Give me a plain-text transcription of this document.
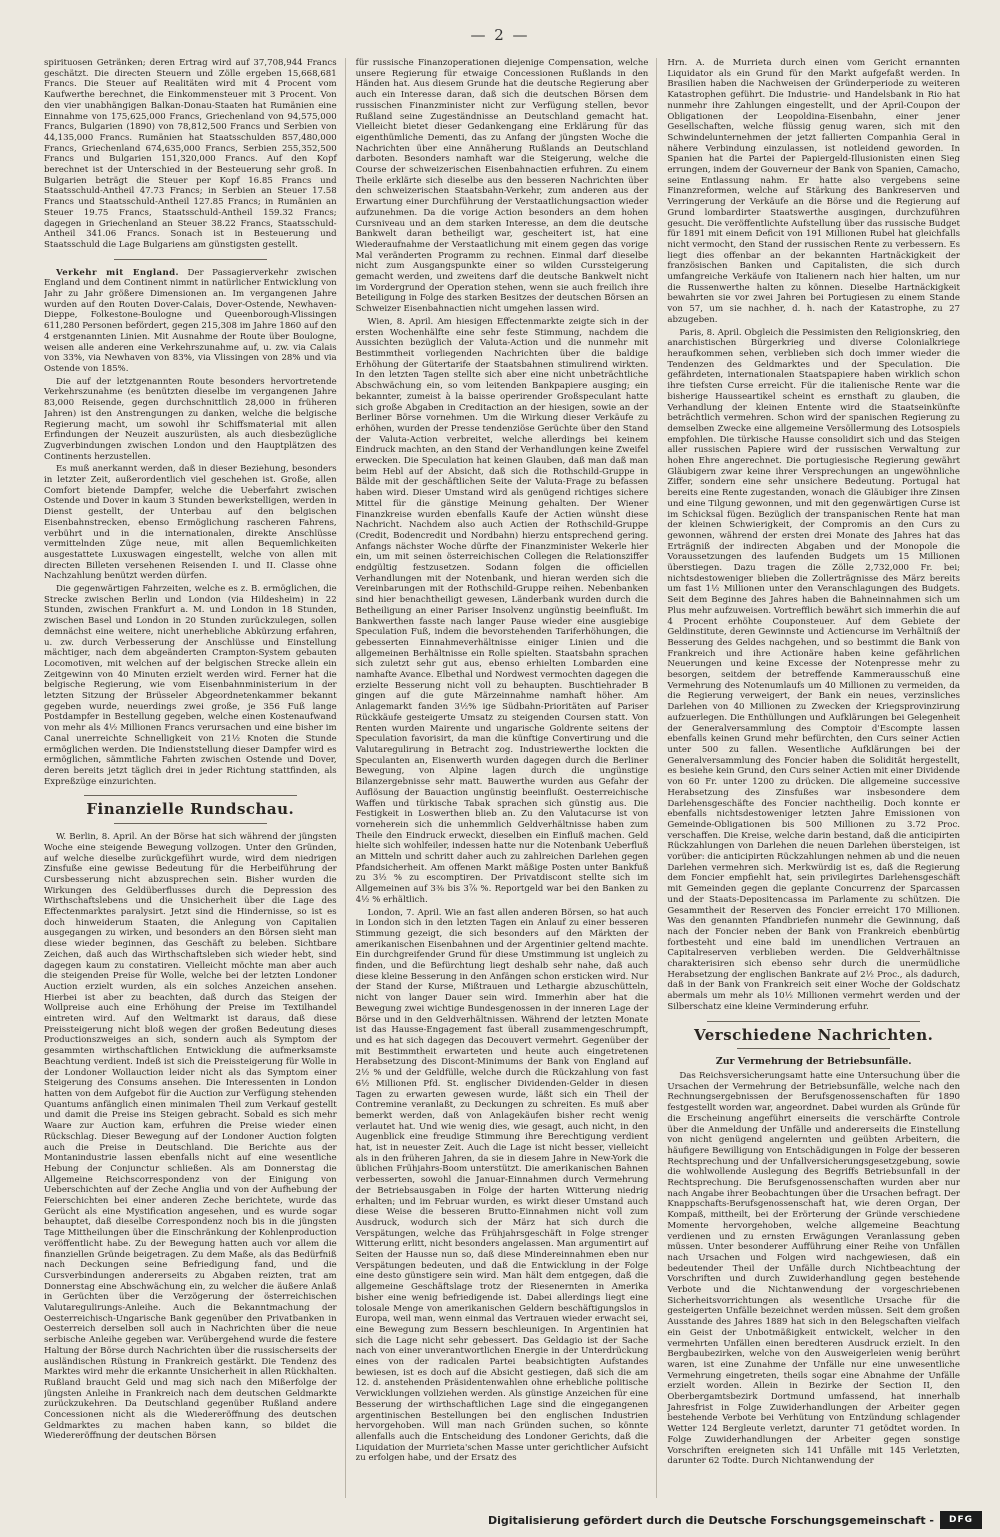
— 2 —

spirituosen Getränken; deren Ertrag wird auf 37,708,944 Francs geschätzt. Die directen Steuern und Zölle ergeben 15,668,681 Francs. Die Steuer auf Realitäten wird mit 4 Procent vom Kaufwerthe berechnet, die Einkommensteuer mit 3 Procent. Von den vier unabhängigen Balkan-Donau-Staaten hat Rumänien eine Einnahme von 175,625,000 Francs, Griechenland von 94,575,000 Francs, Bulgarien (1890) von 78,812,500 Francs und Serbien von 44,135,000 Francs. Rumänien hat Staatsschulden 857,480,000 Francs, Griechenland 674,635,000 Francs, Serbien 255,352,500 Francs und Bulgarien 151,320,000 Francs. Auf den Kopf berechnet ist der Unterschied in der Besteuerung sehr groß. In Bulgarien beträgt die Steuer per Kopf 16.85 Francs und Staatsschuld-Antheil 47.73 Francs; in Serbien an Steuer 17.58 Francs und Staatsschuld-Antheil 127.85 Francs; in Rumänien an Steuer 19.75 Francs, Staatsschuld-Antheil 159.32 Francs; dagegen in Griechenland an Steuer 38.22 Francs, Staatsschuld-Antheil 341.06 Francs. Sonach ist in Besteuerung und Staatsschuld die Lage Bulgariens am günstigsten gestellt.

Verkehr mit England. Der Passagierverkehr zwischen England und dem Continent nimmt in natürlicher Entwicklung von Jahr zu Jahr größere Dimensionen an. Im vergangenen Jahre wurden auf den Routen Dover-Calais, Dover-Ostende, Newhaven-Dieppe, Folkestone-Boulogne und Queenborough-Vlissingen 611,280 Personen befördert, gegen 215,308 im Jahre 1860 auf den 4 erstgenannten Linien. Mit Ausnahme der Route über Boulogne, weisen alle anderen eine Verkehrszunahme auf, u. zw. via Calais von 33%, via Newhaven von 83%, via Vlissingen von 28% und via Ostende von 185%.

Die auf der letztgenannten Route besonders hervortretende Verkehrszunahme (es benützten dieselbe im vergangenen Jahre 83,000 Reisende, gegen durchschnittlich 28,000 in früheren Jahren) ist den Anstrengungen zu danken, welche die belgische Regierung macht, um sowohl ihr Schiffsmaterial mit allen Erfindungen der Neuzeit auszurüsten, als auch diesbezügliche Zugverbindungen zwischen London und den Hauptplätzen des Continents herzustellen.

Es muß anerkannt werden, daß in dieser Beziehung, besonders in letzter Zeit, außerordentlich viel geschehen ist. Große, allen Comfort bietende Dampfer, welche die Ueberfahrt zwischen Ostende und Dover in kaum 3 Stunden bewerkstelligen, werden in Dienst gestellt, der Unterbau auf den belgischen Eisenbahnstrecken, ebenso Ermöglichung rascheren Fahrens, verbührt und in die internationalen, direkte Anschlüsse vermittelnden Züge neue, mit allen Bequemlichkeiten ausgestattete Luxuswagen eingestellt, welche von allen mit directen Billeten versehenen Reisenden I. und II. Classe ohne Nachzahlung benützt werden dürfen.

Die gegenwärtigen Fahrzeiten, welche es z. B. ermöglichen, die Strecke zwischen Berlin und London (via Hildesheim) in 22 Stunden, zwischen Frankfurt a. M. und London in 18 Stunden, zwischen Basel und London in 20 Stunden zurückzulegen, sollen demnächst eine weitere, nicht unerhebliche Abkürzung erfahren, u. zw. durch Verbesserung der Anschlüsse und Einstellung mächtiger, nach dem abgeänderten Crampton-System gebauten Locomotiven, mit welchen auf der belgischen Strecke allein ein Zeitgewinn von 40 Minuten erzielt werden wird. Ferner hat die belgische Regierung, wie vom Eisenbahnministerium in der letzten Sitzung der Brüsseler Abgeordnetenkammer bekannt gegeben wurde, neuerdings zwei große, je 356 Fuß lange Postdampfer in Bestellung gegeben, welche einen Kostenaufwand von mehr als 4½ Millionen Francs verursachen und eine bisher im Canal unerreichte Schnelligkeit von 21½ Knoten die Stunde ermöglichen werden. Die Indienststellung dieser Dampfer wird es ermöglichen, sämmtliche Fahrten zwischen Ostende und Dover, deren bereits jetzt täglich drei in jeder Richtung stattfinden, als Expreßzüge einzurichten.

Finanzielle Rundschau.

W. Berlin, 8. April. An der Börse hat sich während der jüngsten Woche eine steigende Bewegung vollzogen. Unter den Gründen, auf welche dieselbe zurückgeführt wurde, wird dem niedrigen Zinsfuße eine gewisse Bedeutung für die Herbeiführung der Cursbesserung nicht abzusprechen sein. Bisher wurden die Wirkungen des Geldüberflusses durch die Depression des Wirthschaftslebens und die Unsicherheit über die Lage des Effectenmarktes paralysirt. Jetzt sind die Hindernisse, so ist es doch hinweiderum Staaten, die Anlegung von Capitalien ausgegangen zu wirken, und besonders an den Börsen sieht man diese wieder beginnen, das Geschäft zu beleben. Sichtbare Zeichen, daß auch das Wirthschaftsleben sich wieder hebt, sind dagegen kaum zu constatiren. Vielleicht möchte man aber auch die steigenden Preise für Wolle, welche bei der letzten Londoner Auction erzielt wurden, als ein solches Anzeichen ansehen. Hierbei ist aber zu beachten, daß durch das Steigen der Wollpreise auch eine Erhöhung der Preise im Textilhandel eintreten wird. Auf den Weltmarkt ist daraus, daß diese Preissteigerung nicht bloß wegen der großen Bedeutung dieses Productionszweiges an sich, sondern auch als Symptom der gesammten wirthschaftlichen Entwicklung die aufmerksamste Beachtung verdient. Indeß ist sich die Preissteigerung für Wolle in der Londoner Wollauction leider nicht als das Symptom einer Steigerung des Consums ansehen. Die Interessenten in London hatten von dem Aufgebot für die Auction zur Verfügung stehenden Quantums anfänglich einen minimalen Theil zum Verkauf gestellt und damit die Preise ins Steigen gebracht. Sobald es sich mehr Waare zur Auction kam, erfuhren die Preise wieder einen Rückschlag. Dieser Bewegung auf der Londoner Auction folgten auch die Preise in Deutschland. Die Berichte aus der Montanindustrie lassen ebenfalls nicht auf eine wesentliche Hebung der Conjunctur schließen. Als am Donnerstag die Allgemeine Reichscorrespondenz von der Einigung von Ueberschichten auf der Zeche Anglia und von der Aufhebung der Feierschichten bei einer anderen Zeche berichtete, wurde das Gerücht als eine Mystification angesehen, und es wurde sogar behauptet, daß dieselbe Correspondenz noch bis in die jüngsten Tage Mittheilungen über die Einschränkung der Kohlenproduction veröffentlicht habe. Zu der Bewegung hatten auch vor allem die finanziellen Gründe beigetragen. Zu dem Maße, als das Bedürfniß nach Deckungen seine Befriedigung fand, und die Cursverbindungen andererseits zu Abgaben reizten, trat am Donnerstag eine Abschwächung ein, zu welcher die äußere Anlaß in Gerüchten über die Verzögerung der österreichischen Valutaregulirungs-Anleihe. Auch die Bekanntmachung der Oesterreichisch-Ungarische Bank gegenüber den Privatbanken in Oesterreich derselben soll auch in Nachrichten über die neue serbische Anleihe gegeben war. Verübergehend wurde die festere Haltung der Börse durch Nachrichten über die russischerseits der ausländischen Rüstung in Frankreich gestärkt. Die Tendenz des Marktes wird mehr die erkannte Unsicherheit in allen Rückhalten. Rußland braucht Geld und mag sich nach den Mißerfolge der jüngsten Anleihe in Frankreich nach dem deutschen Geldmarkte zurückzukehren. Da Deutschland gegenüber Rußland andere Concessionen nicht als die Wiedereröffnung des deutschen Geldmarktes zu machen haben kann, so bildet die Wiedereröffnung der deutschen Börsen

für russische Finanzoperationen diejenige Compensation, welche unsere Regierung für etwaige Concessionen Rußlands in den Händen hat. Aus diesem Grunde hat die deutsche Regierung aber auch ein Interesse daran, daß sich die deutschen Börsen dem russischen Finanzminister nicht zur Verfügung stellen, bevor Rußland seine Zugeständnisse an Deutschland gemacht hat. Vielleicht bietet dieser Gedankengang eine Erklärung für das eigenthümliche Dementi, das zu Anfang der jüngsten Woche die Nachrichten über eine Annäherung Rußlands an Deutschland darboten. Besonders namhaft war die Steigerung, welche die Course der schweizerischen Eisenbahnactien erfuhren. Zu einem Theile erklärte sich dieselbe aus den besseren Nachrichten über den schweizerischen Staatsbahn-Verkehr, zum anderen aus der Erwartung einer Durchführung der Verstaatlichungsaction wieder aufzunehmen. Da die vorige Action besonders an dem hohen Cursniveau und an dem starken Interesse, an dem die deutsche Bankwelt daran betheiligt war, gescheitert ist, hat eine Wiederaufnahme der Verstaatlichung mit einem gegen das vorige Mal veränderten Programm zu rechnen. Einmal darf dieselbe nicht zum Ausgangspunkte einer so wilden Curssteigerung gemacht werden, und zweitens darf die deutsche Bankwelt nicht im Vordergrund der Operation stehen, wenn sie auch freilich ihre Beteiligung in Folge des starken Besitzes der deutschen Börsen an Schweizer Eisenbahnactien nicht umgehen lassen wird.

Wien, 8. April. Am hiesigen Effectenmarkte zeigte sich in der ersten Wochenhälfte eine sehr feste Stimmung, nachdem die Aussichten bezüglich der Valuta-Action und die nunmehr mit Bestimmtheit vorliegenden Nachrichten über die baldige Erhöhung der Gütertarife der Staatsbahnen stimulirend wirkten. In den letzten Tagen stellte sich aber eine nicht unbeträchtliche Abschwächung ein, so vom leitenden Bankpapiere ausging; ein bekannter, zumeist à la baisse operirender Großspeculant hatte sich große Abgaben in Creditaction an der hiesigen, sowie an der Berliner Börse vornehmen. Um die Wirkung dieser Verkäufe zu erhöhen, wurden der Presse tendenziöse Gerüchte über den Stand der Valuta-Action verbreitet, welche allerdings bei keinem Eindruck machten, an den Stand der Verhandlungen keine Zweifel erwecken. Die Speculation hat keinen Glauben, daß man daß man beim Hebl auf der Absicht, daß sich die Rothschild-Gruppe in Bälde mit der geschäftlichen Seite der Valuta-Frage zu befassen haben wird. Dieser Umstand wird als genügend richtiges sichere Mittel für die gänstige Meinung gehalten. Der Wiener Finanzkreise wurden ebenfalls Kaufe der Actien wünsht diese Nachricht. Nachdem also auch Actien der Rothschild-Gruppe (Credit, Bodencredit und Nordbahn) hierzu entsprechend gering. Anfangs nächster Woche dürfte der Finanzminister Wekerle hier ein, um mit seinen österreichischen Collegen die Relationsziffer endgültig festzusetzen. Sodann folgen die officiellen Verhandlungen mit der Notenbank, und hieran werden sich die Vereinbarungen mit der Rothschild-Gruppe reihen. Nebenbanken sind hier benachtheiligt gewesen, Länderbank wurden durch die Betheiligung an einer Pariser Insolvenz ungünstig beeinflußt. Im Bankwerthen fasste nach langer Pause wieder eine ausgiebige Speculation Fuß, indem die bevorstehenden Tariferhöhungen, die gebesserten Einnahmeverhältnisse einiger Linien und die allgemeinen Berhältnisse ein Rolle spielten. Staatsbahn sprachen sich zuletzt sehr gut aus, ebenso erhielten Lombarden eine namhafte Avance. Elbethal und Nordwest vermochten dagegen die erzielte Besserung nicht voll zu behaupten. Buschtiehrader B gingen auf die gute Märzeinnahme namhaft höher. Am Anlagemarkt fanden 3½% ige Südbahn-Prioritäten auf Pariser Rückkäufe gesteigerte Umsatz zu steigenden Coursen statt. Von Renten wurden Mairente und ungarische Goldrente seitens der Speculation favorisirt, da man die künftige Convertirung und die Valutaregulirung in Betracht zog. Industriewerthe lockten die Speculanten an, Eisenwerth wurden dagegen durch die Berliner Bewegung, von Alpine lagen durch die ungünstige Bilanzergebnisse sehr matt. Bauwerthe wurden aus Gefahr der Auflösung der Bauaction ungünstig beeinflußt. Oesterreichische Waffen und türkische Tabak sprachen sich günstig aus. Die Festigkeit in Loswerthen blieb an. Zu den Valutacurse ist von vorneherein sich die unhemmlich Geldverhältnisse haben zum Theile den Eindruck erweckt, dieselben ein Einfluß machen. Geld hielte sich wohlfeiler, indessen hatte nur die Notenbank Ueberfluß an Mitteln und schritt daher auch zu zahlreichen Darlehen gegen Pfandsicherheit. Am offenen Markt mäßige Posten unter Bankfuß zu 3½ % zu escomptiren. Der Privatdiscont stellte sich im Allgemeinen auf 3⅜ bis 3⅞ %. Reportgeld war bei den Banken zu 4½ % erhältlich.

London, 7. April. Wie an fast allen anderen Börsen, so hat auch in London sich in den letzten Tagen ein Anlauf zu einer besseren Stimmung gezeigt, die sich besonders auf den Märkten der amerikanischen Eisenbahnen und der Argentinier geltend machte. Ein durchgreifender Grund für diese Umstimmung ist ungleich zu finden, und die Befürchtung liegt deshalb sehr nahe, daß auch diese kleine Besserung in den Anfängen schon ersticken wird. Nur der Stand der Kurse, Mißtrauen und Lethargie abzuschütteln, nicht von langer Dauer sein wird. Immerhin aber hat die Bewegung zwei wichtige Bundesgenossen in der inneren Lage der Börse und in den Geldverhältnissen. Während der letzten Monate ist das Hausse-Engagement fast überall zusammengeschrumpft, und es hat sich dagegen das Decouvert vermehrt. Gegenüber der mit Bestimmtheit erwarteten und heute auch eingetretenen Herabsetzung des Discont-Minimums der Bank von England auf 2½ % und der Geldfülle, welche durch die Rückzahlung von fast 6½ Millionen Pfd. St. englischer Dividenden-Gelder in diesen Tagen zu erwarten gewesen wurde, läßt sich ein Theil der Contremine veranlaßt, zu Deckungen zu schreiten. Es muß aber bemerkt werden, daß von Anlagekäufen bisher recht wenig verlautet hat. Und wie wenig dies, wie gesagt, auch nicht, in den Augenblick eine freudige Stimmung ihre Berechtigung verdient hat, ist in neuester Zeit. Auch die Lage ist nicht besser, vielleicht als in den früheren Jahren, da sie in diesem Jahre in New-York die üblichen Frühjahrs-Boom unterstützt. Die amerikanischen Bahnen verbesserten, sowohl die Januar-Einnahmen durch Vermehrung der Betriebsausgaben in Folge der harten Witterung niedrig erhalten; und im Februar wurden, es wirkt dieser Umstand auch diese Weise die besseren Brutto-Einnahmen nicht voll zum Ausdruck, wodurch sich der März hat sich durch die Verspätungen, welche das Frühjahrsgeschäft in Folge strenger Witterung erlitt, nicht besonders angelassen. Man argumentirt auf Seiten der Hausse nun so, daß diese Mindereinnahmen eben nur Verspätungen bedeuten, und daß die Entwicklung in der Folge eine desto günstigere sein wird. Man hält dem entgegen, daß die allgemeine Geschäftslage trotz der Riesenernten in Amerika bisher eine wenig befriedigende ist. Dabei allerdings liegt eine tolosale Menge von amerikanischen Geldern beschäftigungslos in Europa, weil man, wenn einmal das Vertrauen wieder erwacht sei, eine Bewegung zum Bessern beschleunigen. In Argentinien hat sich die Lage nicht sehr gebessert. Das Geldagio ist der Sache nach von einer unverantwortlichen Energie in der Unterdrückung eines von der radicalen Partei beabsichtigten Aufstandes bewiesen, ist es doch auf die Absicht gestiegen, daß sich die am 12. d. anstehenden Präsidentenwahlen ohne erhebliche politische Verwicklungen vollziehen werden. Als günstige Anzeichen für eine Besserung der wirthschaftlichen Lage sind die eingegangenen argentinischen Bestellungen bei den englischen Industrien hervorgehoben. Will man nach Gründen suchen, so könnte allenfalls auch die Entscheidung des Londoner Gerichts, daß die Liquidation der Murrieta'schen Masse unter gerichtlicher Aufsicht zu erfolgen habe, und der Ersatz des

Hrn. A. de Murrieta durch einen vom Gericht ernannten Liquidator als ein Grund für den Markt aufgefaßt werden. In Brasilien haben die Nachweisen der Gründerperiode zu weiteren Katastrophen geführt. Die Industrie- und Handelsbank in Rio hat nunmehr ihre Zahlungen eingestellt, und der April-Coupon der Obligationen der Leopoldina-Eisenbahn, einer jener Gesellschaften, welche flüssig genug waren, sich mit den Schwindelunternehmen der jetzt fallierten Companhia Geral in nähere Verbindung einzulassen, ist notleidend geworden. In Spanien hat die Partei der Papiergeld-Illusionisten einen Sieg errungen, indem der Gouverneur der Bank von Spanien, Camacho, seine Entlassung nahm. Er hatte also vergebens seine Finanzreformen, welche auf Stärkung des Bankreserven und Verringerung der Verkäufe an die Börse und die Regierung auf Grund lombardirter Staatswerthe ausgingen, durchzuführen gesucht. Die veröffentlichte Aufstellung über das russische Budget für 1891 mit einem Deficit von 191 Millionen Rubel hat gleichfalls nicht vermocht, den Stand der russischen Rente zu verbessern. Es liegt dies offenbar an der bekannten Hartnäckigkeit der französischen Banken und Capitalisten, die sich durch umfangreiche Verkäufe von Italienern nach hier halten, um nur die Russenwerthe halten zu können. Dieselbe Hartnäckigkeit bewahrten sie vor zwei Jahren bei Portugiesen zu einem Stande von 57, um sie nachher, d. h. nach der Katastrophe, zu 27 abzugeben.

Paris, 8. April. Obgleich die Pessimisten den Religionskrieg, den anarchistischen Bürgerkrieg und diverse Colonialkriege heraufkommen sehen, verblieben sich doch immer wieder die Tendenzen des Geldmarktes und der Speculation. Die gefährdeten, internationalen Staatspapiere haben wirklich schon ihre tiefsten Curse erreicht. Für die italienische Rente war die bisherige Hausseartikel scheint es ernsthaft zu glauben, die Verhandlung der kleinen Entente wird die Staatseinkünfte beträchtlich vermehren. Schon wird der spanischen Regierung zu demselben Zwecke eine allgemeine Versöllermung des Lotsospiels empfohlen. Die türkische Hausse consolidirt sich und das Steigen aller russischen Papiere wird der russischen Verwaltung zur hohen Ehre angerechnet. Die portugiesische Regierung gewährt Gläubigern zwar keine ihrer Versprechungen an ungewöhnliche Ziffer, sondern eine sehr unsichere Bedeutung. Portugal hat bereits eine Rente zugestanden, wonach die Gläubiger ihre Zinsen und eine Tilgung gewonnen, und mit den gegenwärtigen Curse ist im Schicksal fügen. Bezüglich der transpanischen Rente hat man der kleinen Schwierigkeit, der Compromis an den Curs zu gewonnen, während der ersten drei Monate des Jahres hat das Erträgniß der indirecten Abgaben und der Monopole die Voraussetzungen des laufenden Budgets um 15 Millionen überstiegen. Dazu tragen die Zölle 2,732,000 Fr. bei; nichtsdestoweniger blieben die Zollerträgnisse des März bereits um fast 1½ Millionen unter den Veranschlagungen des Budgets. Seit dem Beginne des Jahres haben die Bahneinnahmen sich um Plus mehr aufzuweisen. Vortrefflich bewährt sich immerhin die auf 4 Procent erhöhte Couponsteuer. Auf dem Gebiete der Geldinstitute, deren Gewinnste und Actiencurse im Verhältniß der Besserung des Geldes nachgehen, und so bestimmt die Bank von Frankreich und ihre Actionäre haben keine gefährlichen Neuerungen und keine Excesse der Notenpresse mehr zu besorgen, seitdem der betreffende Kammerausschuß eine Vermehrung des Notenumlaufs um 40 Millionen zu vermeiden, da die Regierung verweigert, der Bank ein neues, verzinsliches Darlehen von 40 Millionen zu Zwecken der Kriegsprovinzirung aufzuerlegen. Die Enthüllungen und Aufklärungen bei Gelegenheit der Generalversammlung des Comptoir d'Escompte lassen ebenfalls keinen Grund mehr befürchten, den Curs seiner Actien unter 500 zu fallen. Wesentliche Aufklärungen bei der Generalversammlung des Foncier haben die Solidität hergestellt, es besiehe kein Grund, den Curs seiner Actien mit einer Dividende von 60 Fr. unter 1200 zu drücken. Die allgemeine successive Herabsetzung des Zinsfußes war insbesondere dem Darlehensgeschäfte des Foncier nachtheilig. Doch konnte er ebenfalls nichtsdestoweniger letzten Jahre Emissionen von Gemeinde-Obligationen bis 500 Millionen zu 3.72 Proc. verschaffen. Die Kreise, welche darin bestand, daß die anticipirten Rückzahlungen von Darlehen die neuen Darlehen übersteigen, ist vorüber: die anticipirten Rückzahlungen nehmen ab und die neuen Darlehen vermehren sich. Merkwürdig ist es, daß die Regierung dem Foncier empfiehlt hat, sein privilegirtes Darlehensgeschäft mit Gemeinden gegen die geplante Concurrenz der Sparcassen und der Staats-Depositencassa im Parlamente zu schützen. Die Gesammtheit der Reserven des Foncier erreicht 170 Millionen. Was den genannten Pfandbriefen nunmehr die Gewinnung, daß nach der Foncier neben der Bank von Frankreich ebenbürtig fortbesteht und eine bald im unendlichen Vertrauen an Capitalreserven verblieben werden. Die Geldverhältnisse charakterisiren sich ebenso sehr durch die unermüdliche Herabsetzung der englischen Bankrate auf 2½ Proc., als dadurch, daß in der Bank von Frankreich seit einer Woche der Goldschatz abermals um mehr als 10½ Millionen vermehrt werden und der Silberschatz eine kleine Verminderung erfuhr.

Verschiedene Nachrichten.
Zur Vermehrung der Betriebsunfälle.

Das Reichsversicherungsamt hatte eine Untersuchung über die Ursachen der Vermehrung der Betriebsunfälle, welche nach den Rechnungsergebnissen der Berufsgenossenschaften für 1890 festgestellt worden war, angeordnet. Dabei wurden als Gründe für die Erscheinung angeführt einerseits die verschärfte Controle über die Anmeldung der Unfälle und andererseits die Einstellung von nicht genügend angelernten und geübten Arbeitern, die häufigere Bewilligung von Entschädigungen in Folge der besseren Rechtsprechung und der Unfallversicherungsgesetzgebung, sowie die wohlwollende Auslegung des Begriffs Betriebsunfall in der Rechtsprechung. Die Berufsgenossenschaften wurden aber nur nach Angabe ihrer Beobachtungen über die Ursachen befragt. Der Knappschafts-Berufsgenossenschaft hat, wie deren Organ, Der Kompaß, mittheilt, bei der Erörterung der Gründe verschiedene Momente hervorgehoben, welche allgemeine Beachtung verdienen und zu ernsten Erwägungen Veranlassung geben müssen. Unter besonderer Aufführung einer Reihe von Unfällen nach Ursachen und Folgen wird nachgewiesen, daß ein bedeutender Theil der Unfälle durch Nichtbeachtung der Vorschriften und durch Zuwiderhandlung gegen bestehende Verbote und die Nichtanwendung der vorgeschriebenen Sicherheitsvorrichtungen als wesentliche Ursache für die gesteigerten Unfälle bezeichnet werden müssen. Seit dem großen Ausstande des Jahres 1889 hat sich in den Belegschaften vielfach ein Geist der Unbotmäßigkeit entwickelt, welcher in den vermehrten Unfällen einen beredteren Ausdruck erzielt. In den Bergbaubezirken, welche von den Ausweigerleien wenig berührt waren, ist eine Zunahme der Unfälle nur eine unwesentliche Vermehrung eingetreten, theils sogar eine Abnahme der Unfälle erzielt worden. Allein in Bezirke der Section II, den Oberbergamtsbezirk Dortmund umfassend, hat innerhalb Jahresfrist in Folge Zuwiderhandlungen der Arbeiter gegen bestehende Verbote bei Verhütung von Entzündung schlagender Wetter 124 Bergleute verletzt, darunter 71 getödtet worden. In Folge Zuwiderhandlungen der Arbeiter gegen sonstige Vorschriften ereigneten sich 141 Unfälle mit 145 Verletzten, darunter 62 Todte. Durch Nichtanwendung der

Digitalisierung gefördert durch die Deutsche Forschungsgemeinschaft -	DFG
